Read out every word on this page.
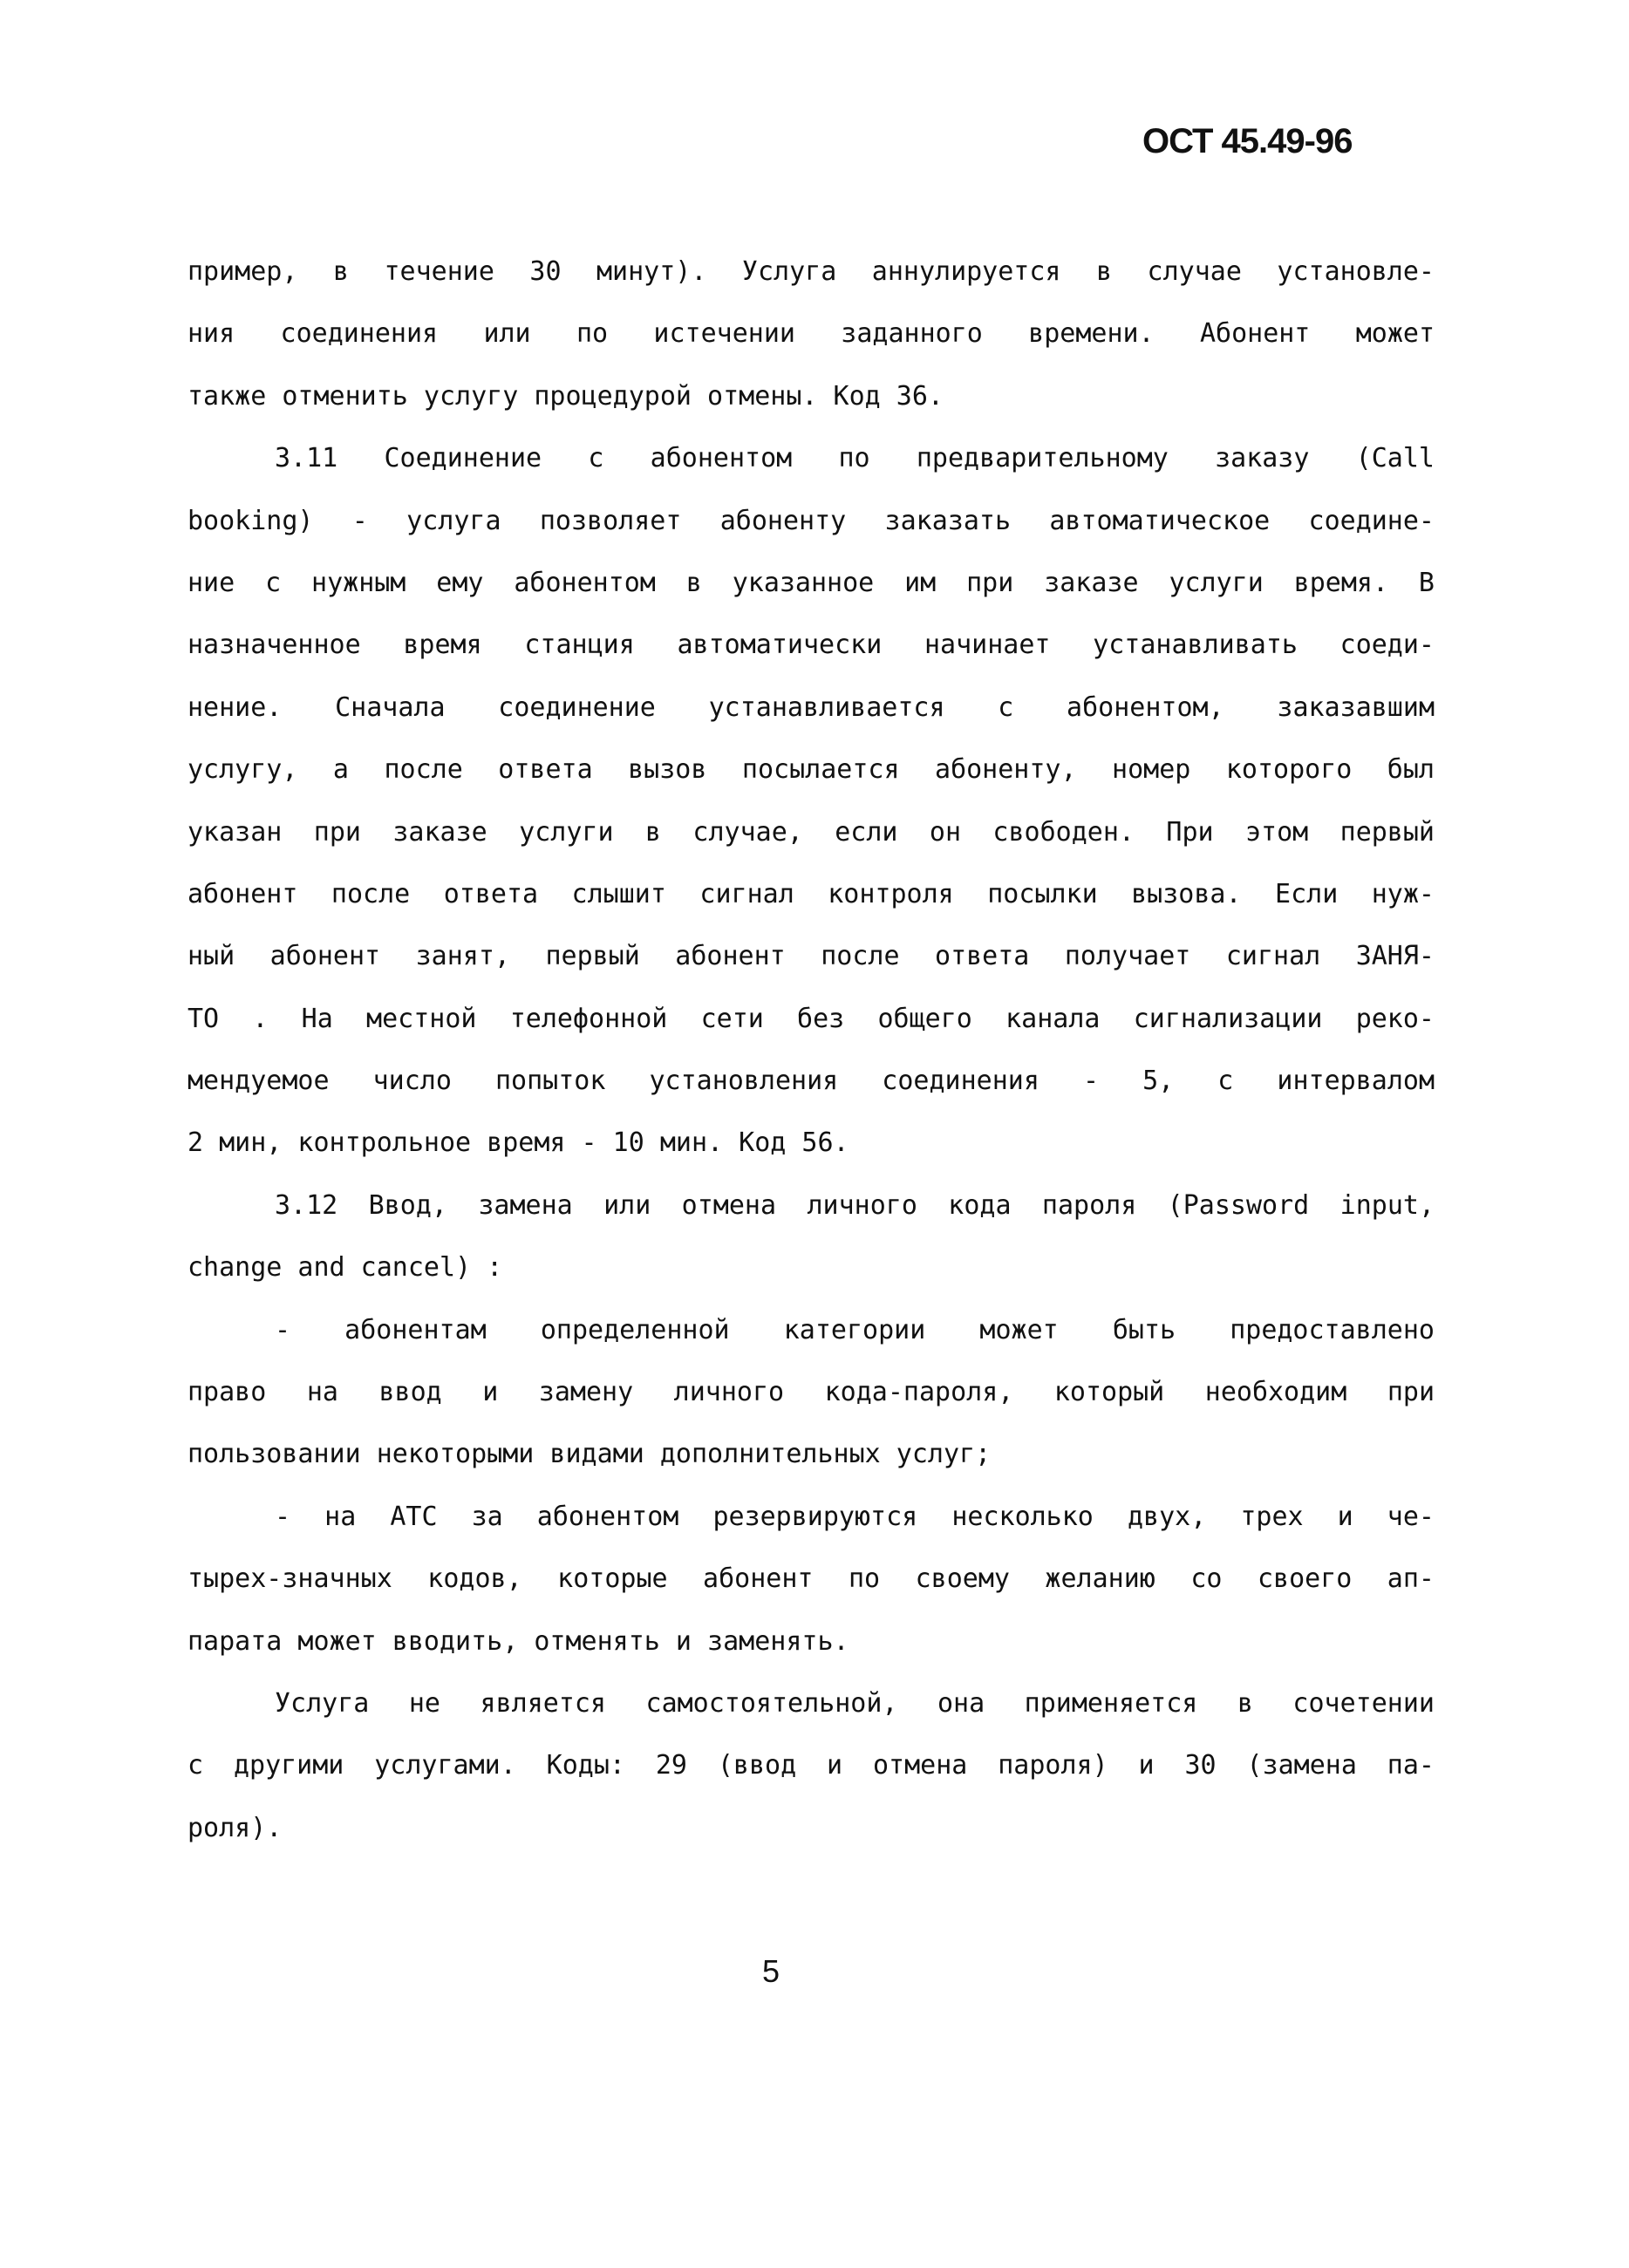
ОСТ 45.49-96
пример, в течение 30 минут). Услуга аннулируется в случае установле-
ния соединения или по истечении заданного времени. Абонент может
также отменить услугу процедурой отмены. Код 36.
3.11 Соединение с абонентом по предварительному заказу (Call
booking) - услуга позволяет абоненту заказать автоматическое соедине-
ние с нужным ему абонентом в указанное им при заказе услуги время. В
назначенное время станция автоматически начинает устанавливать соеди-
нение. Сначала соединение устанавливается с абонентом, заказавшим
услугу, а после ответа вызов посылается абоненту, номер которого был
указан при заказе услуги в случае, если он свободен. При этом первый
абонент после ответа слышит сигнал контроля посылки вызова. Если нуж-
ный абонент занят, первый абонент после ответа получает сигнал ЗАНЯ-
ТО . На местной телефонной сети без общего канала сигнализации реко-
мендуемое число попыток установления соединения - 5, с интервалом
2 мин, контрольное время - 10 мин. Код 56.
3.12 Ввод, замена или отмена личного кода пароля (Password input,
change and cancel) :
- абонентам определенной категории может быть предоставлено
право на ввод и замену личного кода-пароля, который необходим при
пользовании некоторыми видами дополнительных услуг;
- на АТС за абонентом резервируются несколько двух, трех и че-
тырех-значных кодов, которые абонент по своему желанию со своего ап-
парата может вводить, отменять и заменять.
Услуга не является самостоятельной, она применяется в сочетении
с другими услугами. Коды: 29 (ввод и отмена пароля) и 30 (замена па-
роля).
5
